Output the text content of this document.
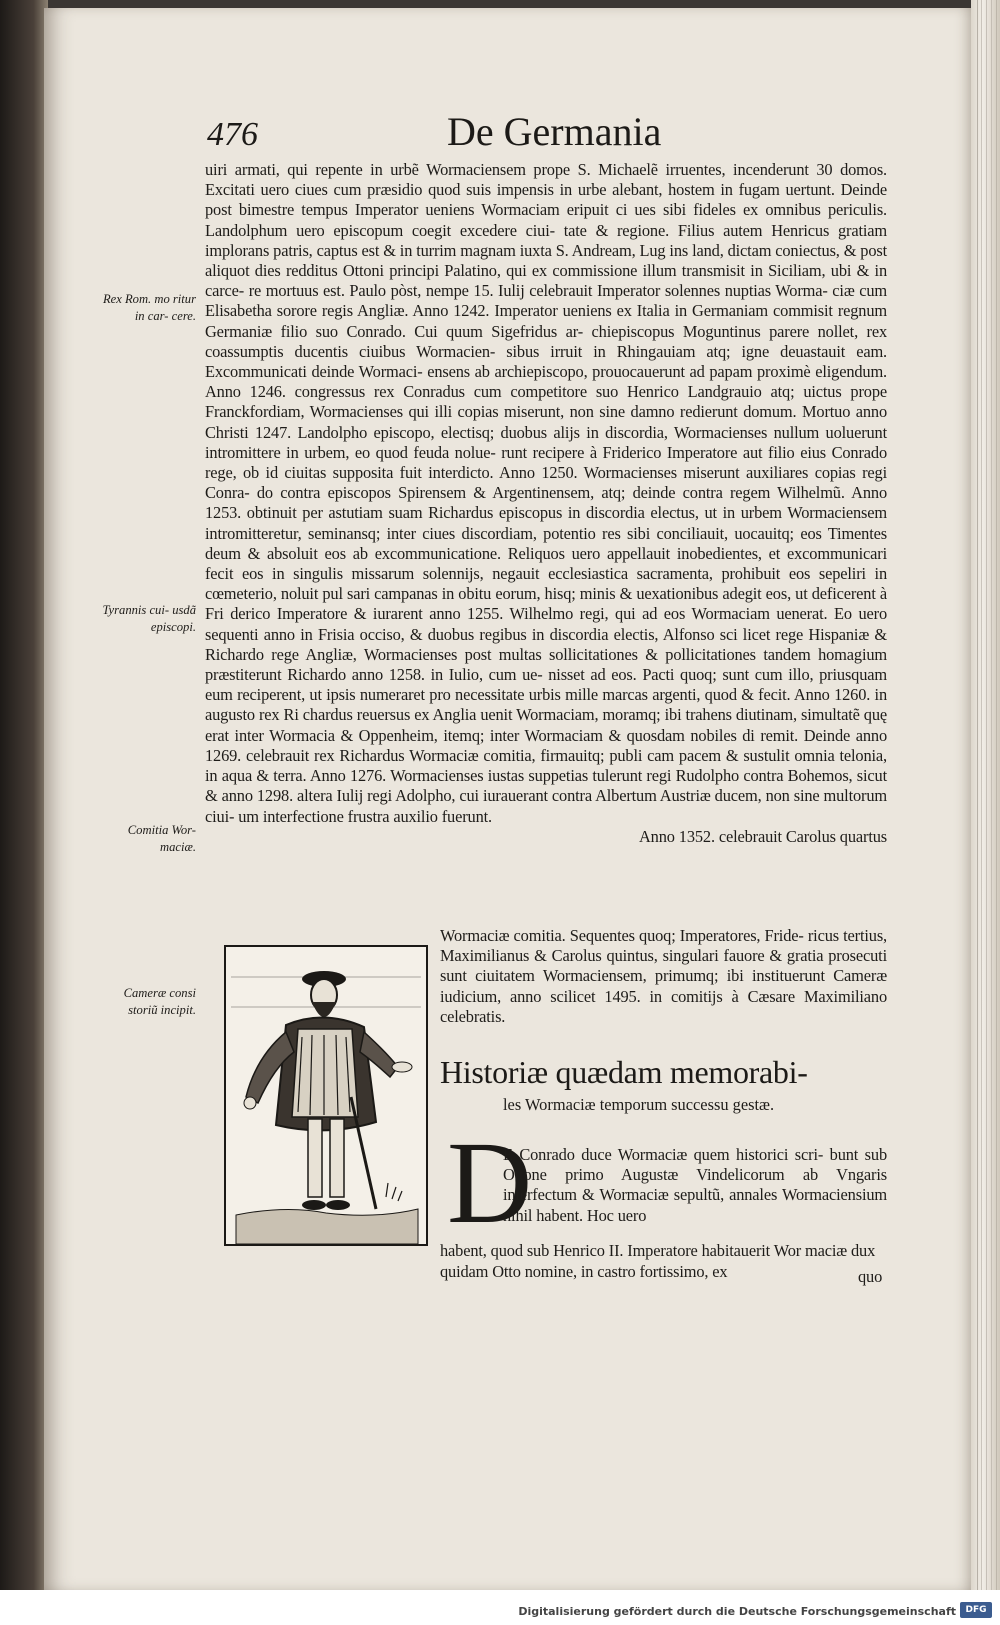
476	De Germania
Rex Rom. mo ritur in car- cere.
Tyrannis cui- usdã episcopi.
Comitia Wor- maciæ.
Cameræ consi storiũ incipit.

uiri armati, qui repente in urbẽ Wormaciensem prope S. Michaelẽ irruentes, incenderunt 30 domos. Excitati uero ciues cum præsidio quod suis impensis in urbe alebant, hostem in fugam uertunt. Deinde post bimestre tempus Imperator ueniens Wormaciam eripuit ci ues sibi fideles ex omnibus periculis. Landolphum uero episcopum coegit excedere ciui- tate & regione. Filius autem Henricus gratiam implorans patris, captus est & in turrim magnam iuxta S. Andream, Lug ins land, dictam coniectus, & post aliquot dies redditus Ottoni principi Palatino, qui ex commissione illum transmisit in Siciliam, ubi & in carce- re mortuus est. Paulo pòst, nempe 15. Iulij celebrauit Imperator solennes nuptias Worma- ciæ cum Elisabetha sorore regis Angliæ. Anno 1242. Imperator ueniens ex Italia in Germaniam commisit regnum Germaniæ filio suo Conrado. Cui quum Sigefridus ar- chiepiscopus Moguntinus parere nollet, rex coassumptis ducentis ciuibus Wormacien- sibus irruit in Rhingauiam atq; igne deuastauit eam. Excommunicati deinde Wormaci- ensens ab archiepiscopo, prouocauerunt ad papam proximè eligendum. Anno 1246. congressus rex Conradus cum competitore suo Henrico Landgrauio atq; uictus prope Franckfordiam, Wormacienses qui illi copias miserunt, non sine damno redierunt domum. Mortuo anno Christi 1247. Landolpho episcopo, electisq; duobus alijs in discordia, Wormacienses nullum uoluerunt intromittere in urbem, eo quod feuda nolue- runt recipere à Friderico Imperatore aut filio eius Conrado rege, ob id ciuitas supposita fuit interdicto. Anno 1250. Wormacienses miserunt auxiliares copias regi Conra- do contra episcopos Spirensem & Argentinensem, atq; deinde contra regem Wilhelmũ. Anno 1253. obtinuit per astutiam suam Richardus episcopus in discordia electus, ut in urbem Wormaciensem intromitteretur, seminansq; inter ciues discordiam, potentio res sibi conciliauit, uocauitq; eos Timentes deum & absoluit eos ab excommunicatione. Reliquos uero appellauit inobedientes, et excommunicari fecit eos in singulis missarum solennijs, negauit ecclesiastica sacramenta, prohibuit eos sepeliri in cœmeterio, noluit pul sari campanas in obitu eorum, hisq; minis & uexationibus adegit eos, ut deficerent à Fri derico Imperatore & iurarent anno 1255. Wilhelmo regi, qui ad eos Wormaciam uenerat. Eo uero sequenti anno in Frisia occiso, & duobus regibus in discordia electis, Alfonso sci licet rege Hispaniæ & Richardo rege Angliæ, Wormacienses post multas sollicitationes & pollicitationes tandem homagium præstiterunt Richardo anno 1258. in Iulio, cum ue- nisset ad eos. Pacti quoq; sunt cum illo, priusquam eum reciperent, ut ipsis numeraret pro necessitate urbis mille marcas argenti, quod & fecit. Anno 1260. in augusto rex Ri chardus reuersus ex Anglia uenit Wormaciam, moramq; ibi trahens diutinam, simultatẽ quę erat inter Wormacia & Oppenheim, itemq; inter Wormaciam & quosdam nobiles di remit. Deinde anno 1269. celebrauit rex Richardus Wormaciæ comitia, firmauitq; publi cam pacem & sustulit omnia telonia, in aqua & terra. Anno 1276. Wormacienses iustas suppetias tulerunt regi Rudolpho contra Bohemos, sicut & anno 1298. altera Iulij regi Adolpho, cui iurauerant contra Albertum Austriæ ducem, non sine multorum ciui- um interfectione frustra auxilio fuerunt.

Anno 1352. celebrauit Carolus quartus

Wormaciæ comitia. Sequentes quoq; Imperatores, Fride- ricus tertius, Maximilianus & Carolus quintus, singulari fauore & gratia prosecuti sunt ciuitatem Wormaciensem, primumq; ibi instituerunt Cameræ iudicium, anno scilicet 1495. in comitijs à Cæsare Maximiliano celebratis.

Historiæ quædam memorabi-
les Wormaciæ temporum successu gestæ.
D

E Conrado duce Wormaciæ quem historici scri- bunt sub Ottone primo Augustæ Vindelicorum ab Vngaris interfectum & Wormaciæ sepultũ, annales Wormaciensium nihil habent. Hoc uero

habent, quod sub Henrico II. Imperatore habitauerit Wor maciæ dux quidam Otto nomine, in castro fortissimo, ex	quo
Digitalisierung gefördert durch die Deutsche Forschungsgemeinschaft	DFG
